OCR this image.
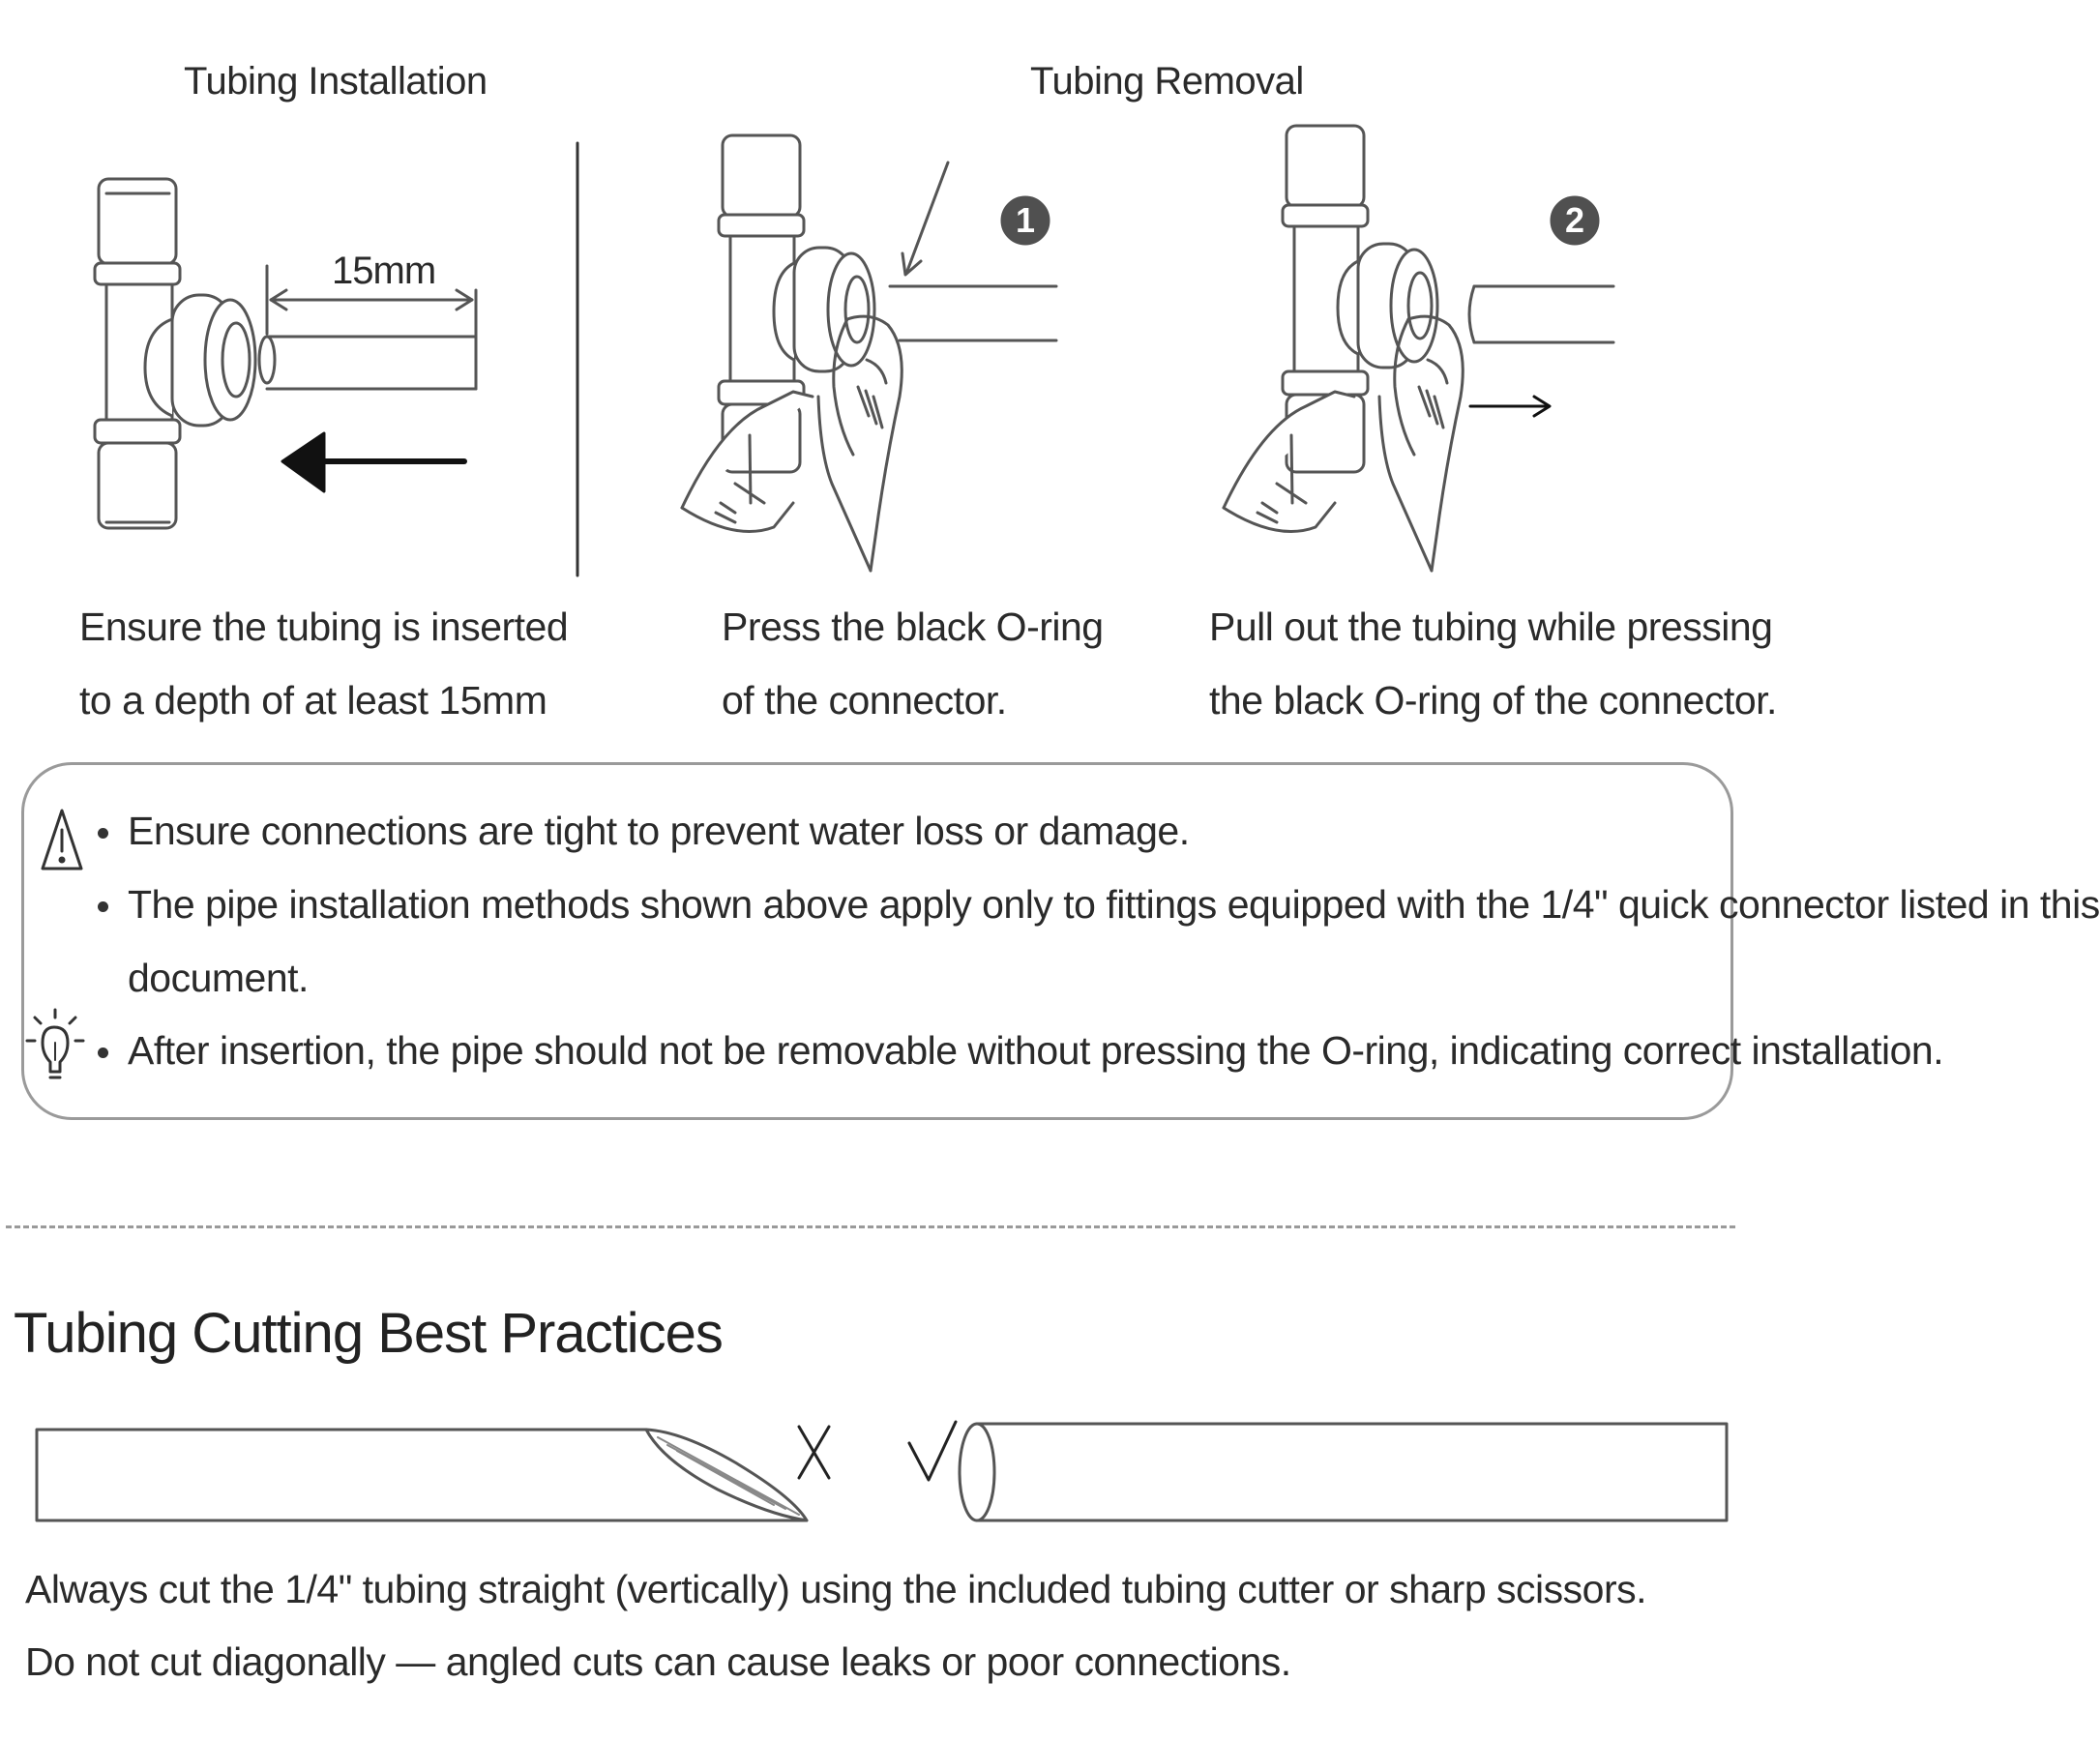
Tubing Installation	Tubing Removal
15mm
1	2
Ensure the tubing is inserted
to a depth of at least 15mm
Press the black O-ring
of the connector.
Pull out the tubing while pressing
the black O-ring of the connector.
Ensure connections are tight to prevent water loss or damage.
The pipe installation methods shown above apply only to fittings equipped with the 1/4" quick connector listed in this
document.
After insertion, the pipe should not be removable without pressing the O-ring, indicating correct installation.
Tubing Cutting Best Practices
Always cut the 1/4" tubing straight (vertically) using the included tubing cutter or sharp scissors.
Do not cut diagonally — angled cuts can cause leaks or poor connections.
